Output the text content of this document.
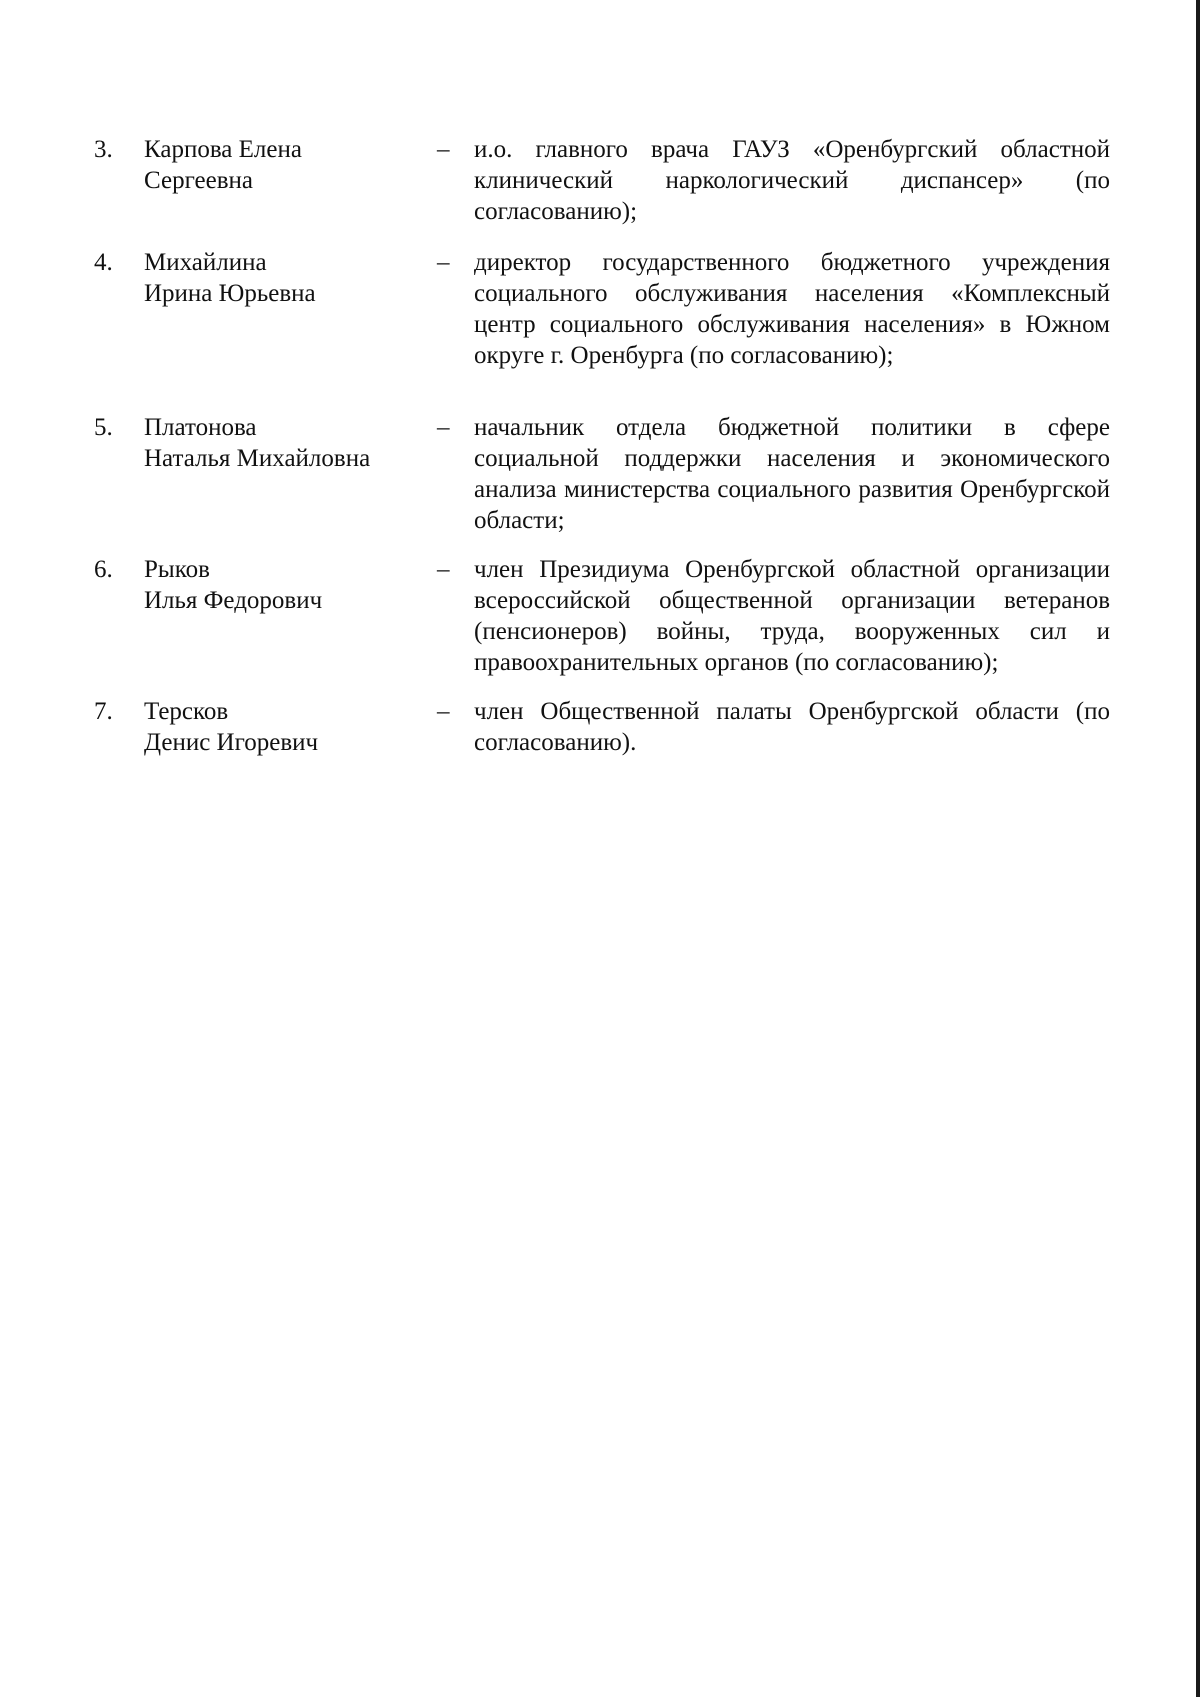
3. Карпова Елена
Сергеевна
– и.о. главного врача ГАУЗ «Оренбургский областной клинический наркологический диспансер» (по согласованию);
4. Михайлина
Ирина Юрьевна
– директор государственного бюджетного учреждения социального обслуживания населения «Комплексный центр социального обслуживания населения» в Южном округе г. Оренбурга (по согласованию);
5. Платонова
Наталья Михайловна
– начальник отдела бюджетной политики в сфере социальной поддержки населения и экономического анализа министерства социального развития Оренбургской области;
6. Рыков
Илья Федорович
– член Президиума Оренбургской областной организации всероссийской общественной организации ветеранов (пенсионеров) войны, труда, вооруженных сил и правоохранительных органов (по согласованию);
7. Терсков
Денис Игоревич
– член Общественной палаты Оренбургской области (по согласованию).
